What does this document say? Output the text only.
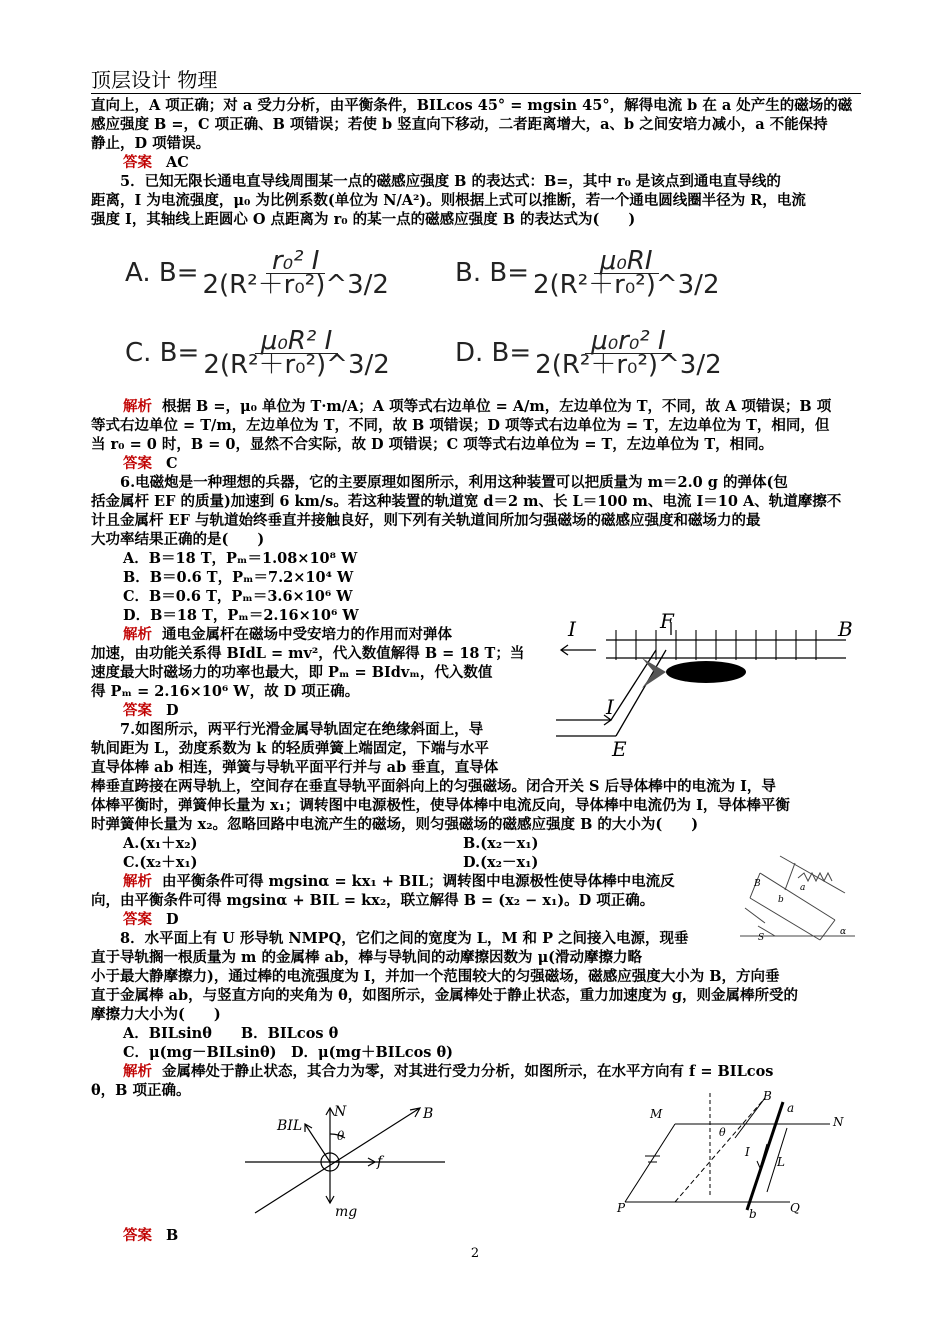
顶层设计 物理

直向上，A 项正确；对 a 受力分析，由平衡条件，BILcos 45° = mgsin 45°，解得电流 b 在 a 处产生的磁场的磁

感应强度 B =，C 项正确、B 项错误；若使 b 竖直向下移动，二者距离增大，a、b 之间安培力减小，a 不能保持

静止，D 项错误。

答案 AC

5．已知无限长通电直导线周围某一点的磁感应强度 B 的表达式：B=，其中 r₀ 是该点到通电直导线的

距离，I 为电流强度，μ₀ 为比例系数(单位为 N/A²)。则根据上式可以推断，若一个通电圆线圈半径为 R，电流

强度 I，其轴线上距圆心 O 点距离为 r₀ 的某一点的磁感应强度 B 的表达式为(　　)

A. $B= \frac{\text{r₀² I}}{\text{2(R²＋r₀²)\textasciicircum{}3/2}}$	B. $B= \frac{\text{μ₀RI}}{\text{2(R²＋r₀²)\textasciicircum{}3/2}}$
C. $B= \frac{\text{μ₀R² I}}{\text{2(R²＋r₀²)\textasciicircum{}3/2}}$	D. $B= \frac{\text{μ₀r₀² I}}{\text{2(R²＋r₀²)\textasciicircum{}3/2}}$

解析 根据 B =，μ₀ 单位为 T·m/A；A 项等式右边单位 = A/m，左边单位为 T，不同，故 A 项错误；B 项

等式右边单位 = T/m，左边单位为 T，不同，故 B 项错误；D 项等式右边单位为 = T，左边单位为 T，相同，但

当 r₀ = 0 时，B = 0，显然不合实际，故 D 项错误；C 项等式右边单位为 = T，左边单位为 T，相同。

答案 C

6.电磁炮是一种理想的兵器，它的主要原理如图所示，利用这种装置可以把质量为 m＝2.0 g 的弹体(包

括金属杆 EF 的质量)加速到 6 km/s。若这种装置的轨道宽 d＝2 m、长 L＝100 m、电流 I＝10 A、轨道摩擦不

计且金属杆 EF 与轨道始终垂直并接触良好，则下列有关轨道间所加匀强磁场的磁感应强度和磁场力的最

大功率结果正确的是(　　)

A．B＝18 T，Pₘ＝1.08×10⁸ W

B．B＝0.6 T，Pₘ＝7.2×10⁴ W

C．B＝0.6 T，Pₘ＝3.6×10⁶ W

D．B＝18 T，Pₘ＝2.16×10⁶ W

解析 通电金属杆在磁场中受安培力的作用而对弹体

加速，由功能关系得 BIdL = mv²，代入数值解得 B = 18 T；当

速度最大时磁场力的功率也最大，即 Pₘ = BIdvₘ，代入数值

得 Pₘ = 2.16×10⁶ W，故 D 项正确。

答案 D

7.如图所示，两平行光滑金属导轨固定在绝缘斜面上，导

轨间距为 L，劲度系数为 k 的轻质弹簧上端固定，下端与水平

直导体棒 ab 相连，弹簧与导轨平面平行并与 ab 垂直，直导体

棒垂直跨接在两导轨上，空间存在垂直导轨平面斜向上的匀强磁场。闭合开关 S 后导体棒中的电流为 I，导

体棒平衡时，弹簧伸长量为 x₁；调转图中电源极性，使导体棒中电流反向，导体棒中电流仍为 I，导体棒平衡

时弹簧伸长量为 x₂。忽略回路中电流产生的磁场，则匀强磁场的磁感应强度 B 的大小为(　　)

A.(x₁＋x₂)	B.(x₂－x₁)
C.(x₂＋x₁)	D.(x₂－x₁)

解析 由平衡条件可得 mgsinα = kx₁ + BIL；调转图中电源极性使导体棒中电流反

向，由平衡条件可得 mgsinα + BIL = kx₂，联立解得 B = (x₂ − x₁)。D 项正确。

答案 D

8．水平面上有 U 形导轨 NMPQ，它们之间的宽度为 L，M 和 P 之间接入电源，现垂

直于导轨搁一根质量为 m 的金属棒 ab，棒与导轨间的动摩擦因数为 μ(滑动摩擦力略

小于最大静摩擦力)，通过棒的电流强度为 I，并加一个范围较大的匀强磁场，磁感应强度大小为 B，方向垂

直于金属棒 ab，与竖直方向的夹角为 θ，如图所示，金属棒处于静止状态，重力加速度为 g，则金属棒所受的

摩擦力大小为(　　)

A．BILsinθ　　 B．BILcos θ

C．μ(mg－BILsinθ)　 D．μ(mg＋BILcos θ)

解析 金属棒处于静止状态，其合力为零，对其进行受力分析，如图所示，在水平方向有 f = BILcos

θ，B 项正确。

I	F	B
I
E
B
b
a
S
α
BIL
N	B
θ
f
mg
M
N
B
a
θ
I
L
P	b	Q
答案 B
2
